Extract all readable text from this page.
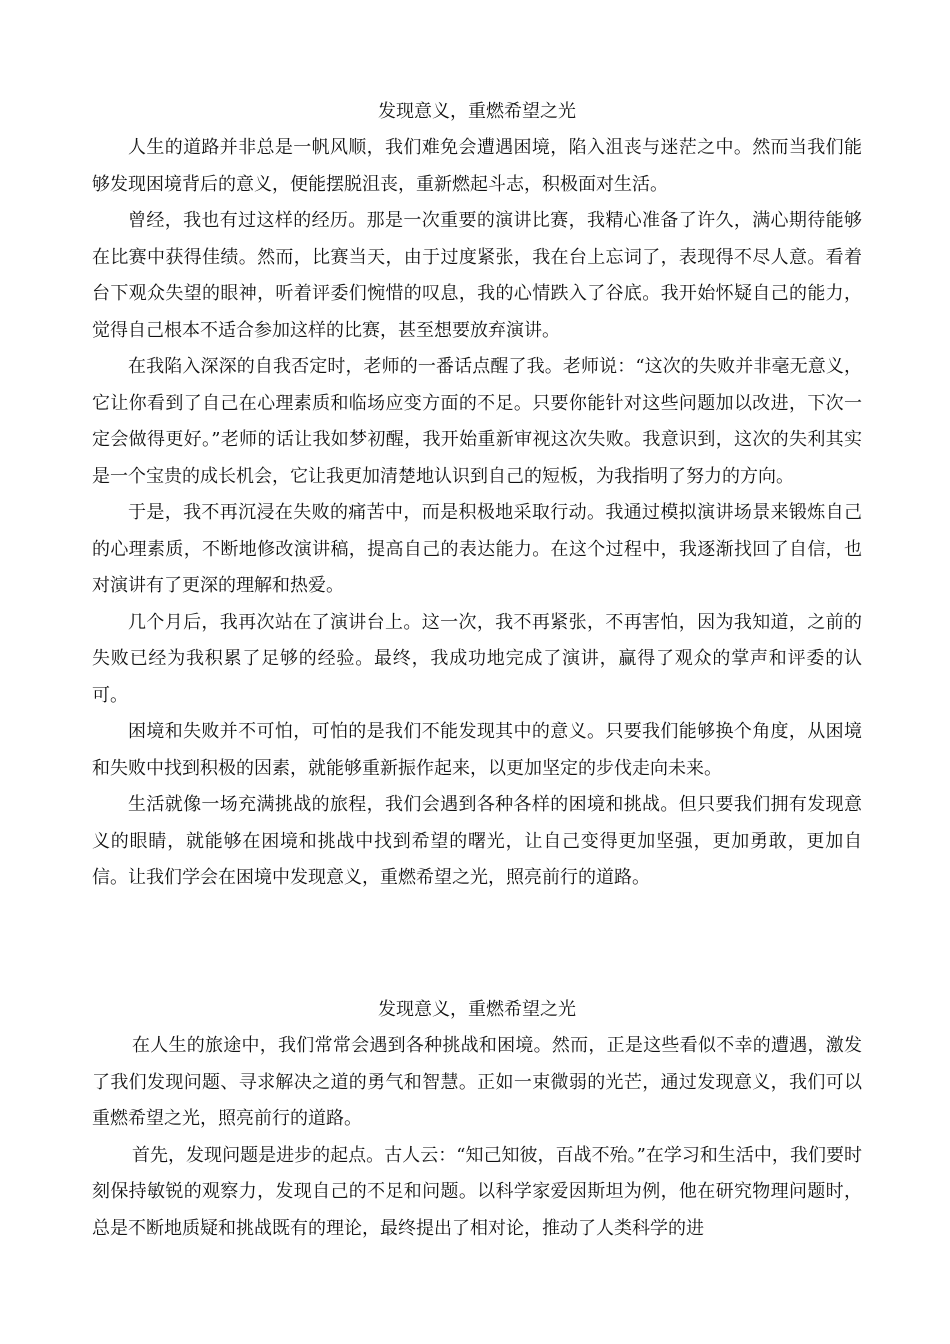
发现意义，重燃希望之光

人生的道路并非总是一帆风顺，我们难免会遭遇困境，陷入沮丧与迷茫之中。然而当我们能够发现困境背后的意义，便能摆脱沮丧，重新燃起斗志，积极面对生活。

曾经，我也有过这样的经历。那是一次重要的演讲比赛，我精心准备了许久，满心期待能够在比赛中获得佳绩。然而，比赛当天，由于过度紧张，我在台上忘词了，表现得不尽人意。看着台下观众失望的眼神，听着评委们惋惜的叹息，我的心情跌入了谷底。我开始怀疑自己的能力，觉得自己根本不适合参加这样的比赛，甚至想要放弃演讲。

在我陷入深深的自我否定时，老师的一番话点醒了我。老师说：“这次的失败并非毫无意义，它让你看到了自己在心理素质和临场应变方面的不足。只要你能针对这些问题加以改进，下次一定会做得更好。”老师的话让我如梦初醒，我开始重新审视这次失败。我意识到，这次的失利其实是一个宝贵的成长机会，它让我更加清楚地认识到自己的短板，为我指明了努力的方向。

于是，我不再沉浸在失败的痛苦中，而是积极地采取行动。我通过模拟演讲场景来锻炼自己的心理素质，不断地修改演讲稿，提高自己的表达能力。在这个过程中，我逐渐找回了自信，也对演讲有了更深的理解和热爱。

几个月后，我再次站在了演讲台上。这一次，我不再紧张，不再害怕，因为我知道，之前的失败已经为我积累了足够的经验。最终，我成功地完成了演讲，赢得了观众的掌声和评委的认可。

困境和失败并不可怕，可怕的是我们不能发现其中的意义。只要我们能够换个角度，从困境和失败中找到积极的因素，就能够重新振作起来，以更加坚定的步伐走向未来。

生活就像一场充满挑战的旅程，我们会遇到各种各样的困境和挑战。但只要我们拥有发现意义的眼睛，就能够在困境和挑战中找到希望的曙光，让自己变得更加坚强，更加勇敢，更加自信。让我们学会在困境中发现意义，重燃希望之光，照亮前行的道路。

发现意义，重燃希望之光

在人生的旅途中，我们常常会遇到各种挑战和困境。然而，正是这些看似不幸的遭遇，激发了我们发现问题、寻求解决之道的勇气和智慧。正如一束微弱的光芒，通过发现意义，我们可以重燃希望之光，照亮前行的道路。

首先，发现问题是进步的起点。古人云：“知己知彼，百战不殆。”在学习和生活中，我们要时刻保持敏锐的观察力，发现自己的不足和问题。以科学家爱因斯坦为例，他在研究物理问题时，总是不断地质疑和挑战既有的理论，最终提出了相对论，推动了人类科学的进
